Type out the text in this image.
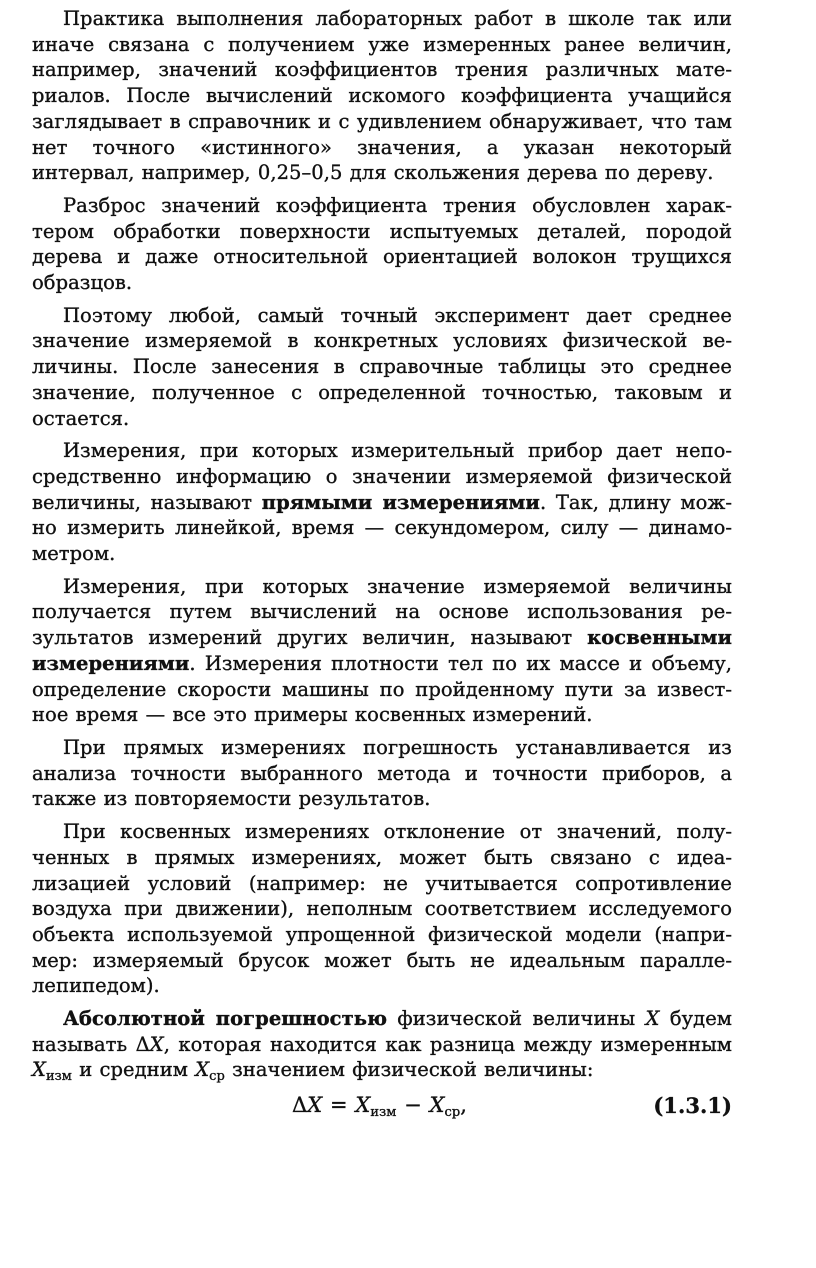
Практика выполнения лабораторных работ в школе так или иначе связана с получением уже измеренных ранее величин, например, значений коэффициентов трения различных материалов. После вычислений искомого коэффициента учащийся заглядывает в справочник и с удивлением обнаруживает, что там нет точного «истинного» значения, а указан некоторый интервал, например, 0,25–0,5 для скольжения дерева по дереву.

Разброс значений коэффициента трения обусловлен характером обработки поверхности испытуемых деталей, породой дерева и даже относительной ориентацией волокон трущихся образцов.

Поэтому любой, самый точный эксперимент дает среднее значение измеряемой в конкретных условиях физической величины. После занесения в справочные таблицы это среднее значение, полученное с определенной точностью, таковым и остается.

Измерения, при которых измерительный прибор дает непосредственно информацию о значении измеряемой физической величины, называют прямыми измерениями. Так, длину можно измерить линейкой, время — секундомером, силу — динамометром.

Измерения, при которых значение измеряемой величины получается путем вычислений на основе использования результатов измерений других величин, называют косвенными измерениями. Измерения плотности тел по их массе и объему, определение скорости машины по пройденному пути за известное время — все это примеры косвенных измерений.

При прямых измерениях погрешность устанавливается из анализа точности выбранного метода и точности приборов, а также из повторяемости результатов.

При косвенных измерениях отклонение от значений, полученных в прямых измерениях, может быть связано с идеализацией условий (например: не учитывается сопротивление воздуха при движении), неполным соответствием исследуемого объекта используемой упрощенной физической модели (например: измеряемый брусок может быть не идеальным параллелепипедом).

Абсолютной погрешностью физической величины X будем называть ΔX, которая находится как разница между измеренным $X_{изм}$ и средним $X_{ср}$ значением физической величины:

$\Delta X = X_{изм} - X_{ср}$,	(1.3.1)
